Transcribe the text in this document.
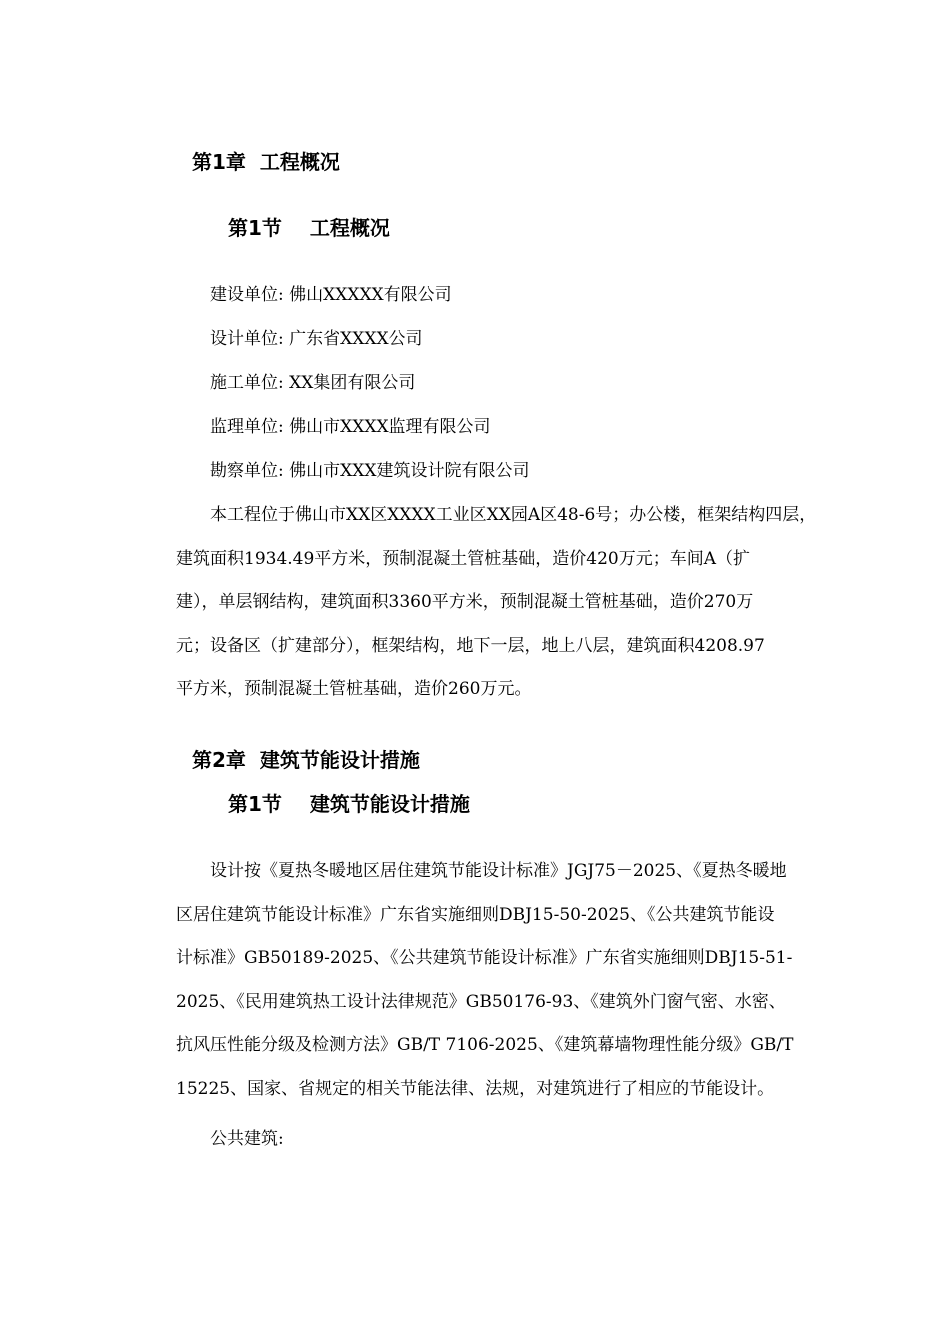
第1章 工程概况
第1节 工程概况
建设单位: 佛山XXXXX有限公司
设计单位: 广东省XXXX公司
施工单位: XX集团有限公司
监理单位: 佛山市XXXX监理有限公司
勘察单位: 佛山市XXX建筑设计院有限公司
本工程位于佛山市XX区XXXX工业区XX园A区48-6号；办公楼，框架结构四层，
建筑面积1934.49平方米，预制混凝土管桩基础，造价420万元；车间A（扩
建），单层钢结构，建筑面积3360平方米，预制混凝土管桩基础，造价270万
元；设备区（扩建部分），框架结构，地下一层，地上八层，建筑面积4208.97
平方米，预制混凝土管桩基础，造价260万元。
第2章 建筑节能设计措施
第1节 建筑节能设计措施
设计按《夏热冬暖地区居住建筑节能设计标准》JGJ75－2025、《夏热冬暖地
区居住建筑节能设计标准》广东省实施细则DBJ15-50-2025、《公共建筑节能设
计标准》GB50189-2025、《公共建筑节能设计标准》广东省实施细则DBJ15-51-
2025、《民用建筑热工设计法律规范》GB50176-93、《建筑外门窗气密、水密、
抗风压性能分级及检测方法》GB/T 7106-2025、《建筑幕墙物理性能分级》GB/T
15225、国家、省规定的相关节能法律、法规，对建筑进行了相应的节能设计。
公共建筑:
